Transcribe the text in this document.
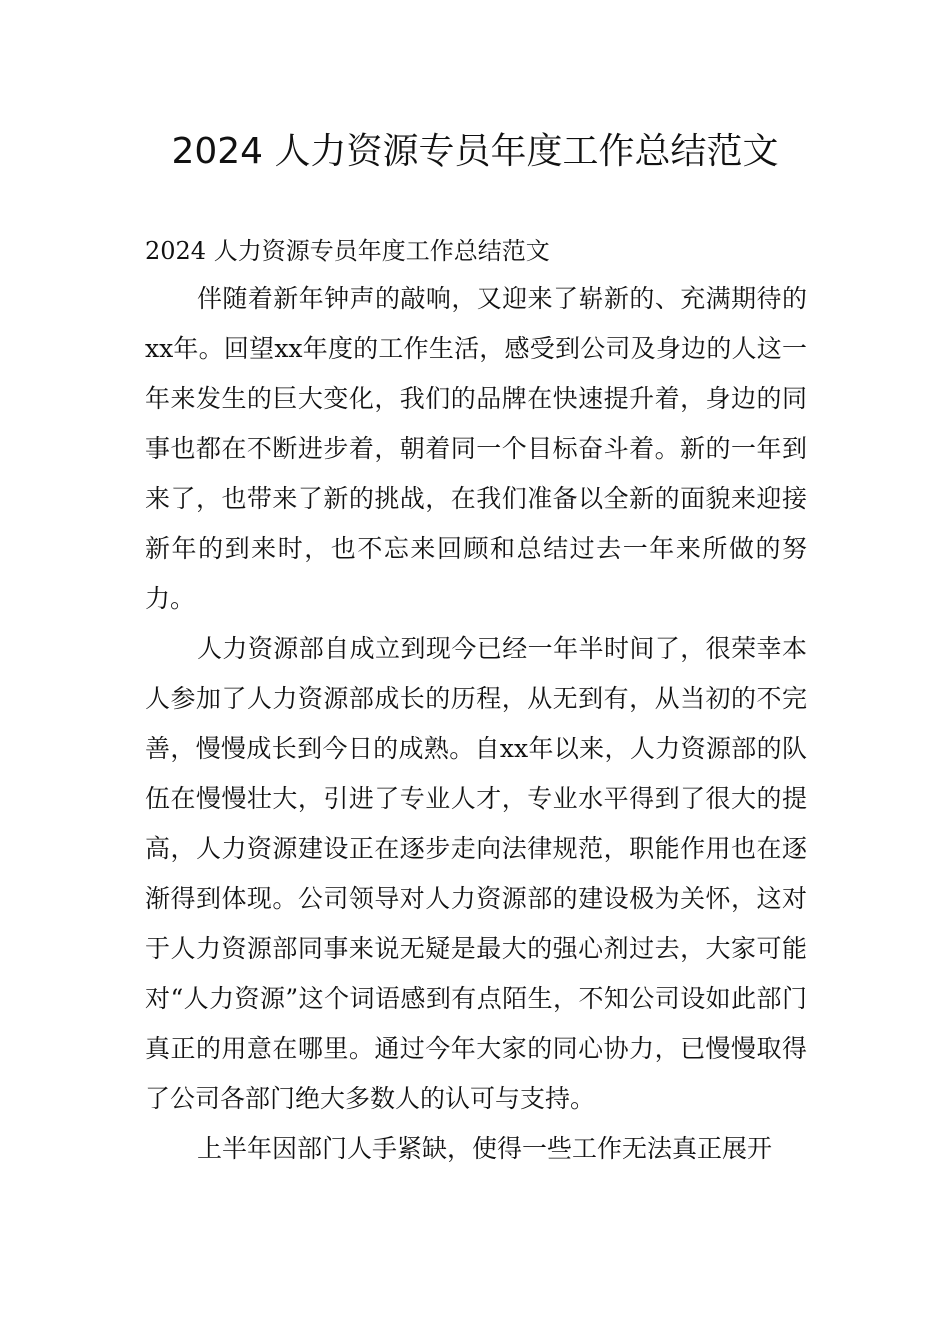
2024 人力资源专员年度工作总结范文

2024 人力资源专员年度工作总结范文

伴随着新年钟声的敲响，又迎来了崭新的、充满期待的xx年。回望xx年度的工作生活，感受到公司及身边的人这一年来发生的巨大变化，我们的品牌在快速提升着，身边的同事也都在不断进步着，朝着同一个目标奋斗着。新的一年到来了，也带来了新的挑战，在我们准备以全新的面貌来迎接新年的到来时，也不忘来回顾和总结过去一年来所做的努力。

人力资源部自成立到现今已经一年半时间了，很荣幸本人参加了人力资源部成长的历程，从无到有，从当初的不完善，慢慢成长到今日的成熟。自xx年以来，人力资源部的队伍在慢慢壮大，引进了专业人才，专业水平得到了很大的提高，人力资源建设正在逐步走向法律规范，职能作用也在逐渐得到体现。公司领导对人力资源部的建设极为关怀，这对于人力资源部同事来说无疑是最大的强心剂过去，大家可能对“人力资源”这个词语感到有点陌生，不知公司设如此部门真正的用意在哪里。通过今年大家的同心协力，已慢慢取得了公司各部门绝大多数人的认可与支持。

上半年因部门人手紧缺，使得一些工作无法真正展开
